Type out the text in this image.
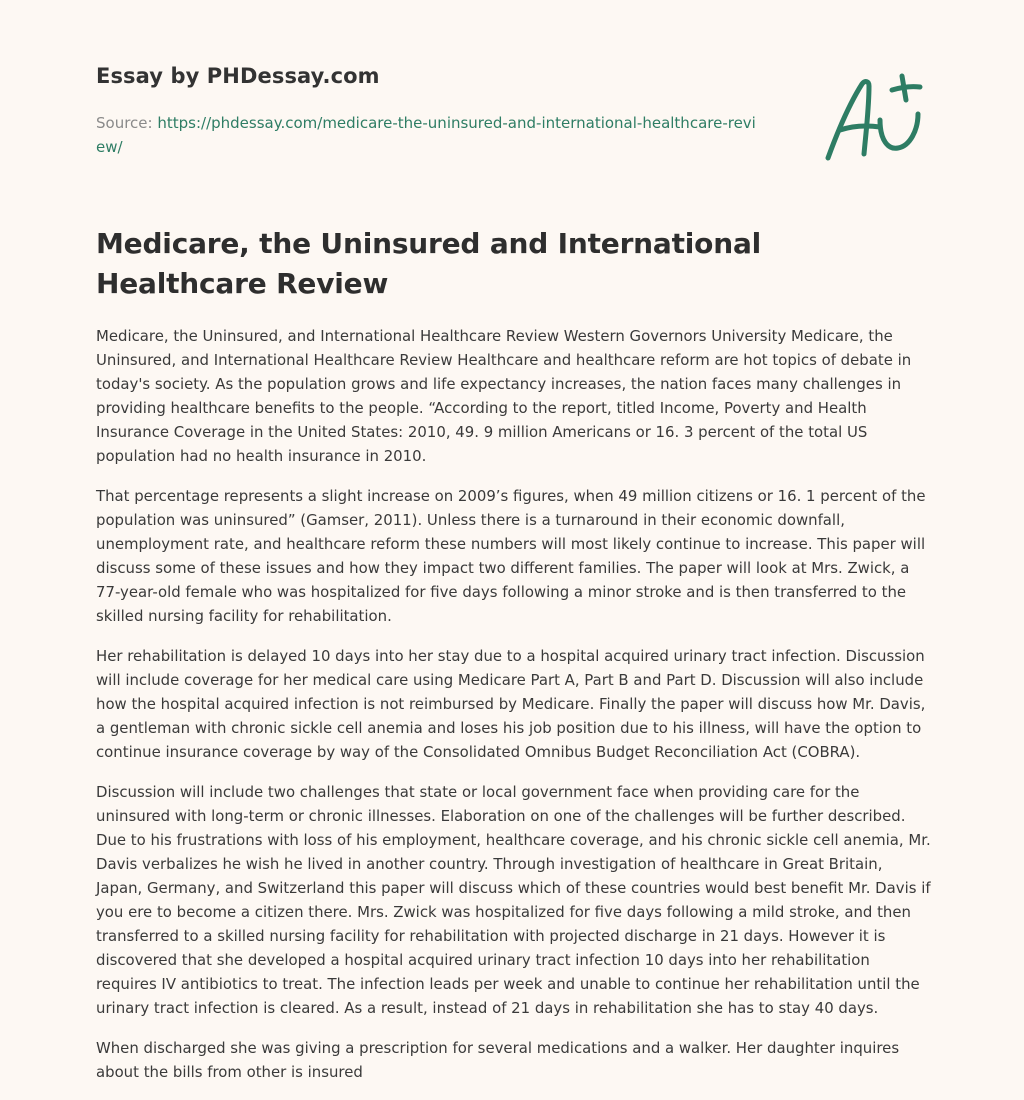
Essay by PHDessay.com
Source: https://phdessay.com/medicare-the-uninsured-and-international-healthcare-review/
Medicare, the Uninsured and International Healthcare Review

Medicare, the Uninsured, and International Healthcare Review Western Governors University Medicare, the Uninsured, and International Healthcare Review Healthcare and healthcare reform are hot topics of debate in today's society. As the population grows and life expectancy increases, the nation faces many challenges in providing healthcare benefits to the people. “According to the report, titled Income, Poverty and Health Insurance Coverage in the United States: 2010, 49. 9 million Americans or 16. 3 percent of the total US population had no health insurance in 2010.

That percentage represents a slight increase on 2009’s figures, when 49 million citizens or 16. 1 percent of the population was uninsured” (Gamser, 2011). Unless there is a turnaround in their economic downfall, unemployment rate, and healthcare reform these numbers will most likely continue to increase. This paper will discuss some of these issues and how they impact two different families. The paper will look at Mrs. Zwick, a 77-year-old female who was hospitalized for five days following a minor stroke and is then transferred to the skilled nursing facility for rehabilitation.

Her rehabilitation is delayed 10 days into her stay due to a hospital acquired urinary tract infection. Discussion will include coverage for her medical care using Medicare Part A, Part B and Part D. Discussion will also include how the hospital acquired infection is not reimbursed by Medicare. Finally the paper will discuss how Mr. Davis, a gentleman with chronic sickle cell anemia and loses his job position due to his illness, will have the option to continue insurance coverage by way of the Consolidated Omnibus Budget Reconciliation Act (COBRA).

Discussion will include two challenges that state or local government face when providing care for the uninsured with long-term or chronic illnesses. Elaboration on one of the challenges will be further described. Due to his frustrations with loss of his employment, healthcare coverage, and his chronic sickle cell anemia, Mr. Davis verbalizes he wish he lived in another country. Through investigation of healthcare in Great Britain, Japan, Germany, and Switzerland this paper will discuss which of these countries would best benefit Mr. Davis if you ere to become a citizen there. Mrs. Zwick was hospitalized for five days following a mild stroke, and then transferred to a skilled nursing facility for rehabilitation with projected discharge in 21 days. However it is discovered that she developed a hospital acquired urinary tract infection 10 days into her rehabilitation requires IV antibiotics to treat. The infection leads per week and unable to continue her rehabilitation until the urinary tract infection is cleared. As a result, instead of 21 days in rehabilitation she has to stay 40 days.

When discharged she was giving a prescription for several medications and a walker. Her daughter inquires about the bills from other is insured
